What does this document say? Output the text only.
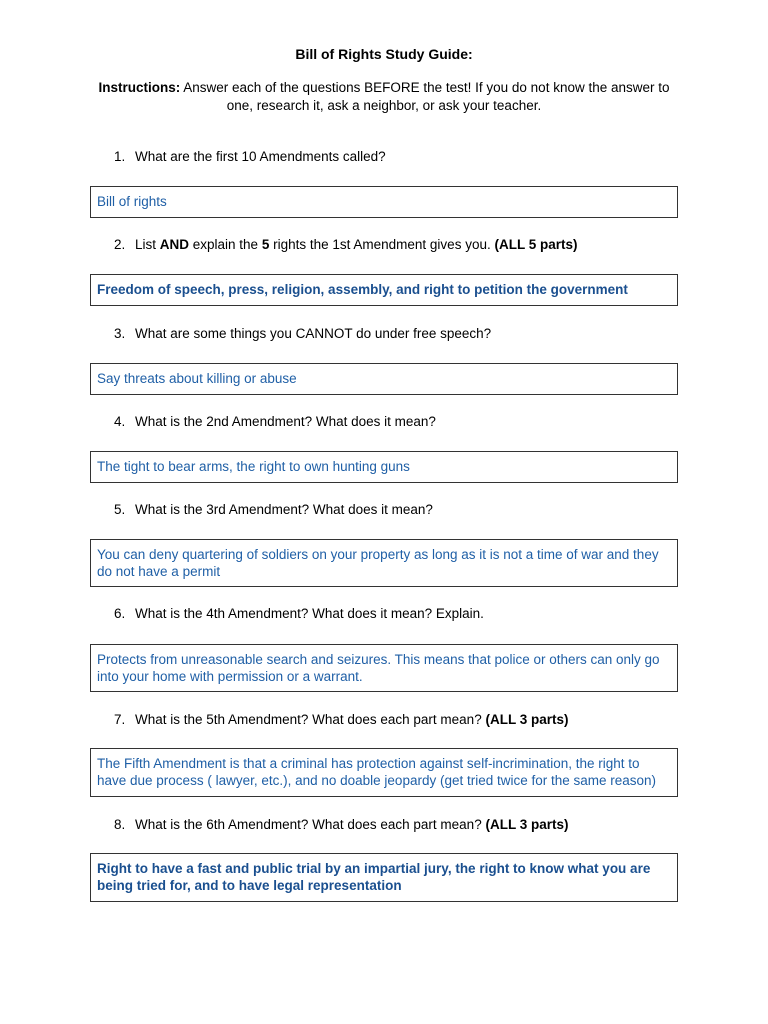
Bill of Rights Study Guide:
Instructions: Answer each of the questions BEFORE the test! If you do not know the answer to one, research it, ask a neighbor, or ask your teacher.
1. What are the first 10 Amendments called?
Bill of rights
2. List AND explain the 5 rights the 1st Amendment gives you. (ALL 5 parts)
Freedom of speech, press, religion, assembly, and right to petition the government
3. What are some things you CANNOT do under free speech?
Say threats about killing or abuse
4. What is the 2nd Amendment? What does it mean?
The tight to bear arms, the right to own hunting guns
5. What is the 3rd Amendment? What does it mean?
You can deny quartering of soldiers on your property as long as it is not a time of war and they do not have a permit
6. What is the 4th Amendment? What does it mean? Explain.
Protects from unreasonable search and seizures. This means that police or others can only go into your home with permission or a warrant.
7. What is the 5th Amendment? What does each part mean? (ALL 3 parts)
The Fifth Amendment is that a criminal has protection against self-incrimination, the right to have due process ( lawyer, etc.), and no doable jeopardy (get tried twice for the same reason)
8. What is the 6th Amendment? What does each part mean? (ALL 3 parts)
Right to have a fast and public trial by an impartial jury, the right to know what you are being tried for, and to have legal representation
